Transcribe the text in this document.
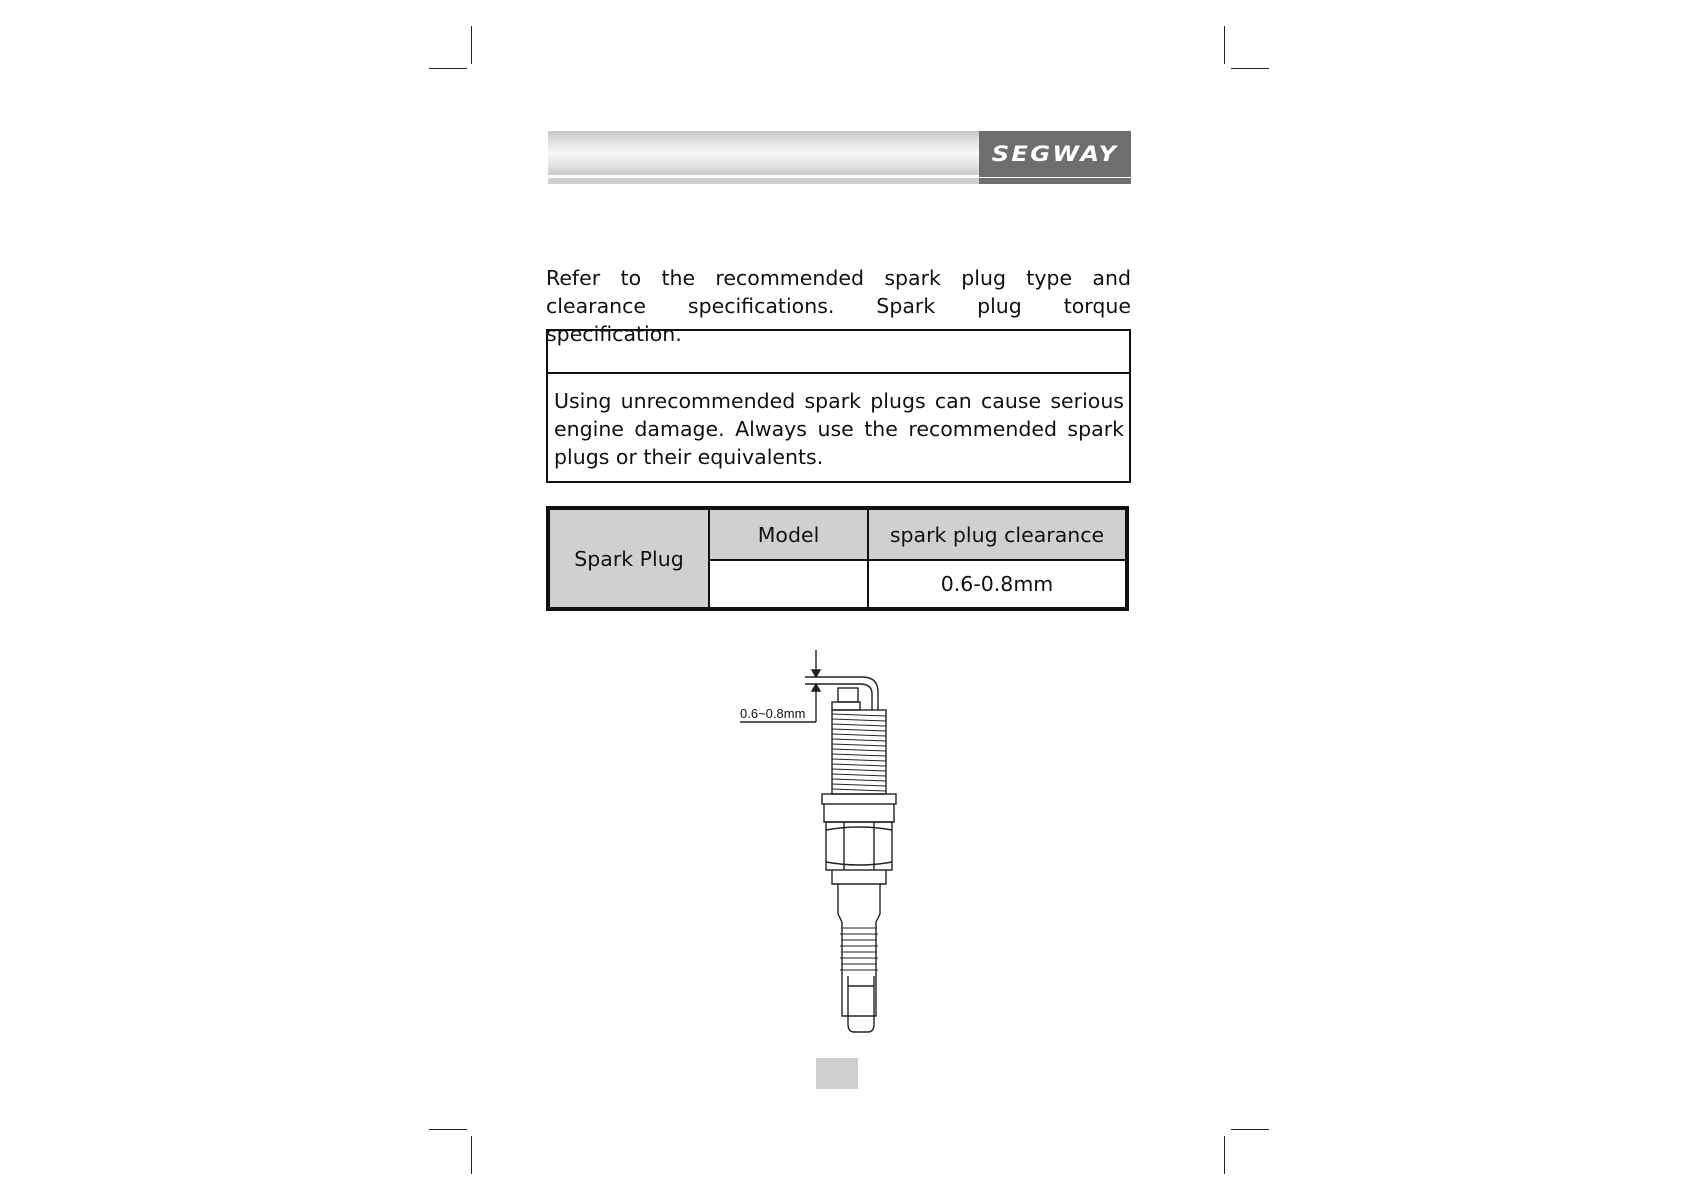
SEGWAY
Refer to the recommended spark plug type and clearance specifications. Spark plug torque specification.
Using unrecommended spark plugs can cause serious engine damage. Always use the recommended spark plugs or their equivalents.
Spark Plug
Model	spark plug clearance
0.6-0.8mm
0.6~0.8mm
